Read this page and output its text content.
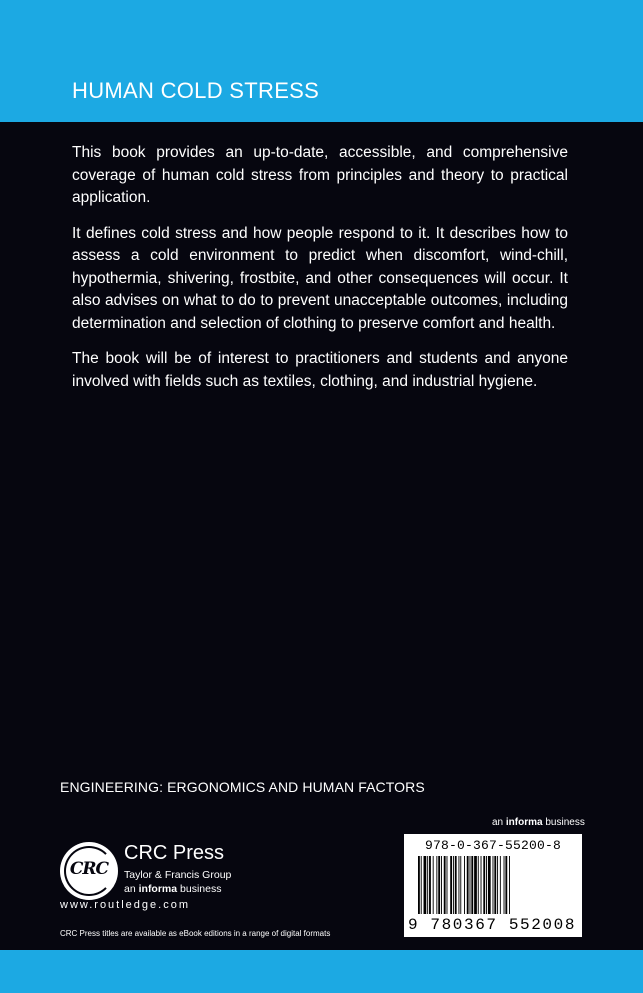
HUMAN COLD STRESS

This book provides an up-to-date, accessible, and comprehensive coverage of human cold stress from principles and theory to practical application.

It defines cold stress and how people respond to it. It describes how to assess a cold environment to predict when discomfort, wind-chill, hypothermia, shivering, frostbite, and other consequences will occur. It also advises on what to do to prevent unacceptable outcomes, including determination and selection of clothing to preserve comfort and health.

The book will be of interest to practitioners and students and anyone involved with fields such as textiles, clothing, and industrial hygiene.

ENGINEERING: ERGONOMICS AND HUMAN FACTORS
an informa business
CRC
CRC Press
Taylor & Francis Group
an informa business
www.routledge.com
CRC Press titles are available as eBook editions in a range of digital formats
978-0-367-55200-8
9 780367 552008
